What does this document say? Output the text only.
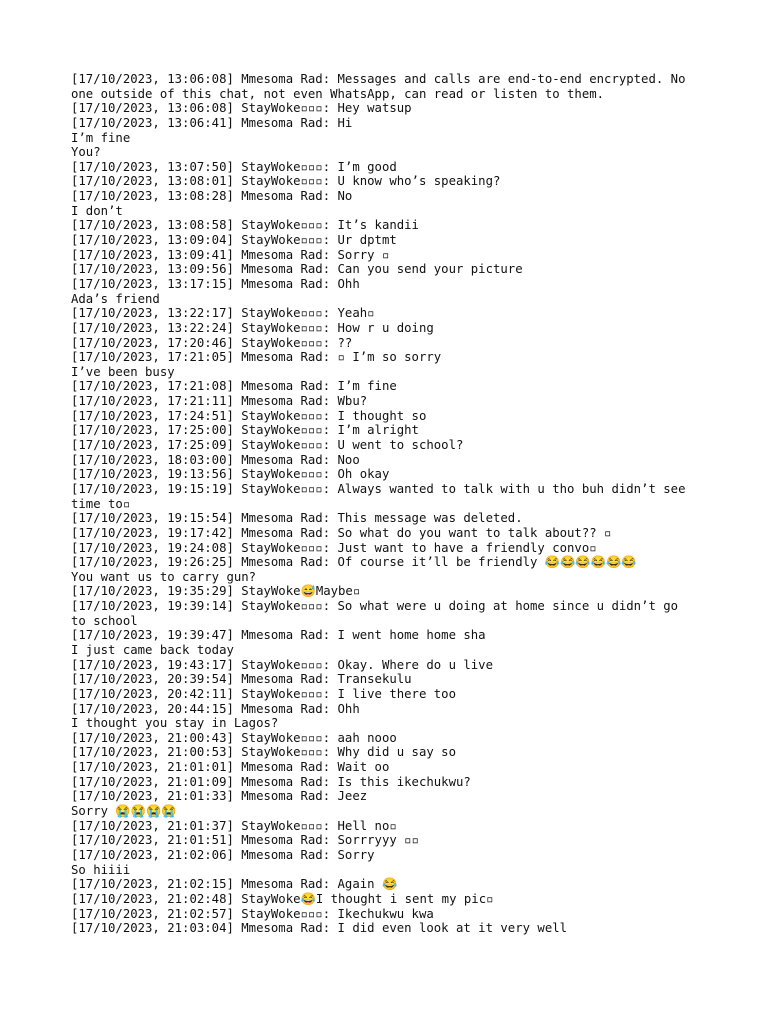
[17/10/2023, 13:06:08] Mmesoma Rad: Messages and calls are end-to-end encrypted. No
one outside of this chat, not even WhatsApp, can read or listen to them.
[17/10/2023, 13:06:08] StayWoke▫▫▫: Hey watsup
[17/10/2023, 13:06:41] Mmesoma Rad: Hi
I’m fine
You?
[17/10/2023, 13:07:50] StayWoke▫▫▫: I’m good
[17/10/2023, 13:08:01] StayWoke▫▫▫: U know who’s speaking?
[17/10/2023, 13:08:28] Mmesoma Rad: No
I don’t
[17/10/2023, 13:08:58] StayWoke▫▫▫: It’s kandii
[17/10/2023, 13:09:04] StayWoke▫▫▫: Ur dptmt
[17/10/2023, 13:09:41] Mmesoma Rad: Sorry ▫
[17/10/2023, 13:09:56] Mmesoma Rad: Can you send your picture
[17/10/2023, 13:17:15] Mmesoma Rad: Ohh
Ada’s friend
[17/10/2023, 13:22:17] StayWoke▫▫▫: Yeah▫
[17/10/2023, 13:22:24] StayWoke▫▫▫: How r u doing
[17/10/2023, 17:20:46] StayWoke▫▫▫: ??
[17/10/2023, 17:21:05] Mmesoma Rad: ▫ I’m so sorry
I’ve been busy
[17/10/2023, 17:21:08] Mmesoma Rad: I’m fine
[17/10/2023, 17:21:11] Mmesoma Rad: Wbu?
[17/10/2023, 17:24:51] StayWoke▫▫▫: I thought so
[17/10/2023, 17:25:00] StayWoke▫▫▫: I’m alright
[17/10/2023, 17:25:09] StayWoke▫▫▫: U went to school?
[17/10/2023, 18:03:00] Mmesoma Rad: Noo
[17/10/2023, 19:13:56] StayWoke▫▫▫: Oh okay
[17/10/2023, 19:15:19] StayWoke▫▫▫: Always wanted to talk with u tho buh didn’t see
time to▫
[17/10/2023, 19:15:54] Mmesoma Rad: This message was deleted.
[17/10/2023, 19:17:42] Mmesoma Rad: So what do you want to talk about?? ▫
[17/10/2023, 19:24:08] StayWoke▫▫▫: Just want to have a friendly convo▫
[17/10/2023, 19:26:25] Mmesoma Rad: Of course it’ll be friendly 😂😂😂😂😂😂
You want us to carry gun?
[17/10/2023, 19:35:29] StayWoke😅Maybe▫
[17/10/2023, 19:39:14] StayWoke▫▫▫: So what were u doing at home since u didn’t go
to school
[17/10/2023, 19:39:47] Mmesoma Rad: I went home home sha
I just came back today
[17/10/2023, 19:43:17] StayWoke▫▫▫: Okay. Where do u live
[17/10/2023, 20:39:54] Mmesoma Rad: Transekulu
[17/10/2023, 20:42:11] StayWoke▫▫▫: I live there too
[17/10/2023, 20:44:15] Mmesoma Rad: Ohh
I thought you stay in Lagos?
[17/10/2023, 21:00:43] StayWoke▫▫▫: aah nooo
[17/10/2023, 21:00:53] StayWoke▫▫▫: Why did u say so
[17/10/2023, 21:01:01] Mmesoma Rad: Wait oo
[17/10/2023, 21:01:09] Mmesoma Rad: Is this ikechukwu?
[17/10/2023, 21:01:33] Mmesoma Rad: Jeez
Sorry 😭😭😭😭
[17/10/2023, 21:01:37] StayWoke▫▫▫: Hell no▫
[17/10/2023, 21:01:51] Mmesoma Rad: Sorrryyy ▫▫
[17/10/2023, 21:02:06] Mmesoma Rad: Sorry
So hiiii
[17/10/2023, 21:02:15] Mmesoma Rad: Again 😂
[17/10/2023, 21:02:48] StayWoke😂I thought i sent my pic▫
[17/10/2023, 21:02:57] StayWoke▫▫▫: Ikechukwu kwa
[17/10/2023, 21:03:04] Mmesoma Rad: I did even look at it very well
